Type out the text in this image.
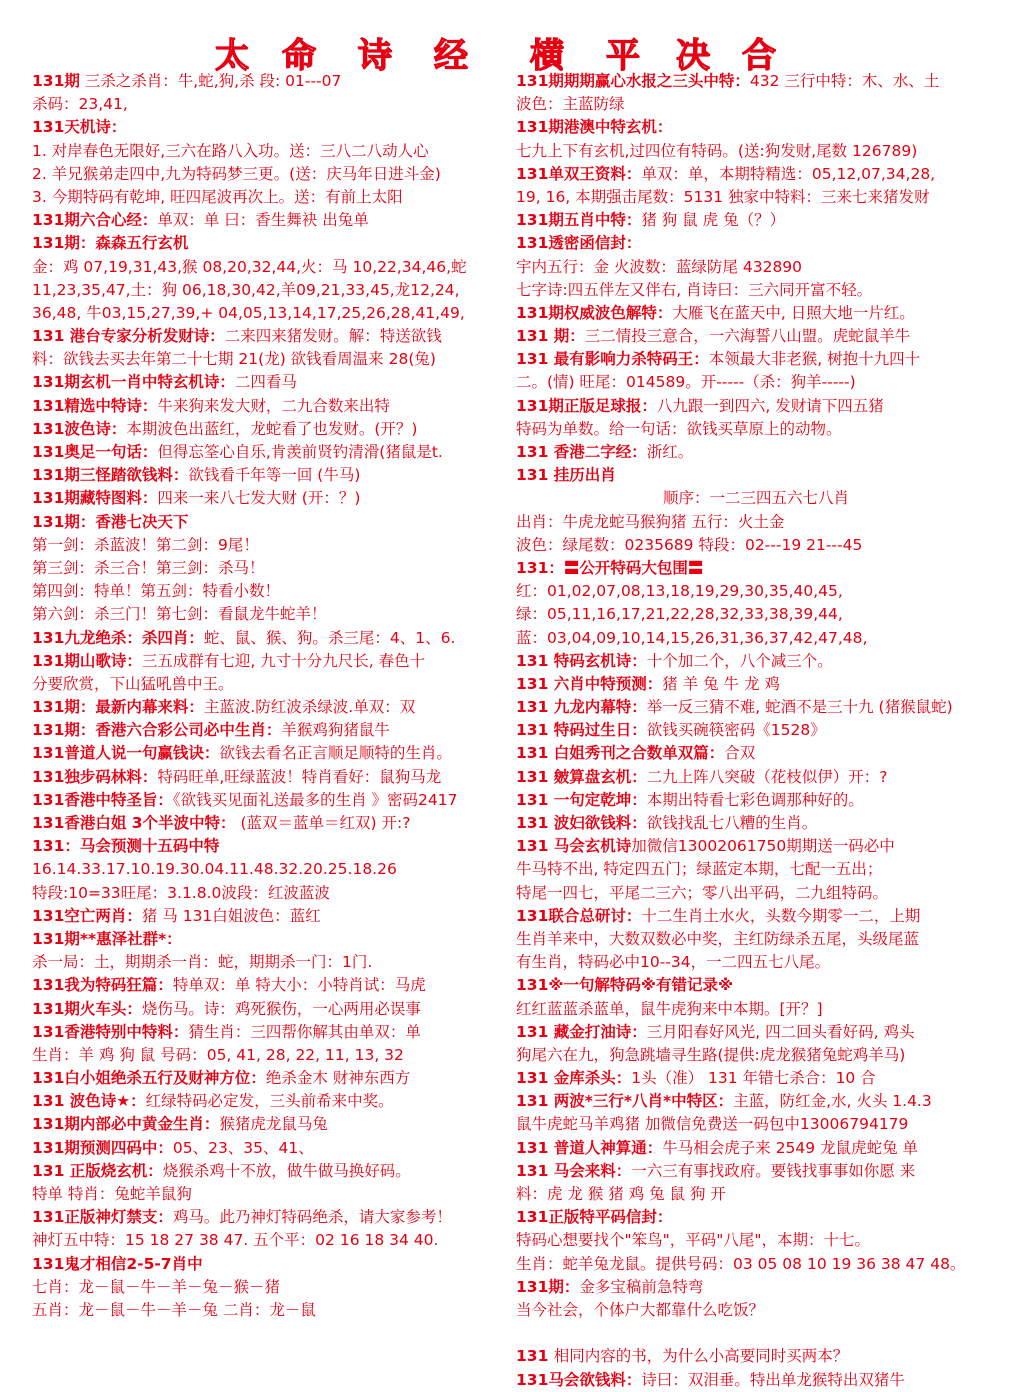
太 命 诗 经 横 平 决 合
131期 三杀之杀肖：牛,蛇,狗,杀 段: 01---07
杀码：23,41,
131天机诗：
1. 对岸春色无限好,三六在路八入功。送：三八二八动人心
2. 羊兄猴弟走四中,九为特码梦三更。(送：庆马年日进斗金)
3. 今期特码有乾坤, 旺四尾波再次上。送：有前上太阳
131期六合心经：单双：单 曰：香生舞袂 出兔单
131期：森森五行玄机
金：鸡 07,19,31,43,猴 08,20,32,44,火：马 10,22,34,46,蛇
11,23,35,47,土：狗 06,18,30,42,羊09,21,33,45,龙12,24,
36,48, 牛03,15,27,39,+ 04,05,13,14,17,25,26,28,41,49,
131 港台专家分析发财诗：二来四来猪发财。解：特送欲钱
料：欲钱去买去年第二十七期 21(龙) 欲钱看周温来 28(兔)
131期玄机一肖中特玄机诗：二四看马
131精选中特诗：牛来狗来发大财，二九合数来出特
131波色诗：本期波色出蓝红，龙蛇看了也发财。(开？)
131奥足一句话：但得忘筌心自乐,肯羡前贤钓清滑(猪鼠是t.
131期三怪踏欲钱料：欲钱看千年等一回 (牛马)
131期藏特图料：四来一来八七发大财 (开：？)
131期：香港七决天下
第一剑：杀蓝波！第二剑：9尾！
第三剑：杀三合！第三剑：杀马！
第四剑：特单！第五剑：特看小数！
第六剑：杀三门！第七剑：看鼠龙牛蛇羊！
131九龙绝杀：杀四肖：蛇、鼠、猴、狗。杀三尾：4、1、6.
131期山歌诗：三五成群有七迎, 九寸十分九尺长, 春色十
分要欣赏，下山猛吼兽中王。
131期：最新内幕来料：主蓝波.防红波杀绿波.单双：双
131期：香港六合彩公司必中生肖：羊猴鸡狗猪鼠牛
131普道人说一句赢钱诀：欲钱去看名正言顺足顺特的生肖。
131独步码林料：特码旺单,旺绿蓝波！特肖看好：鼠狗马龙
131香港中特圣旨：《欲钱买见面礼送最多的生肖 》密码2417
131香港白姐 3个半波中特： (蓝双＝蓝单＝红双) 开:?
131：马会预测十五码中特
16.14.33.17.10.19.30.04.11.48.32.20.25.18.26
特段:10=33旺尾：3.1.8.0波段：红波蓝波
131空亡两肖：猪 马 131白姐波色：蓝红
131期**惠泽社群*：
杀一局：土，期期杀一肖：蛇，期期杀一门：1门.
131我为特码狂篇：特单双：单 特大小：小特肖试：马虎
131期火车头：烧伤马。诗：鸡死猴伤，一心两用必误事
131香港特别中特料：猜生肖：三四帮你解其由单双：单
生肖：羊 鸡 狗 鼠 号码：05, 41, 28, 22, 11, 13, 32
131白小姐绝杀五行及财神方位：绝杀金木 财神东西方
131 波色诗★：红绿特码必定发，三头前希来中奖。
131期内部必中黄金生肖：猴猪虎龙鼠马兔
131期预测四码中：05、23、35、41、
131 正版烧玄机：烧猴杀鸡十不放，做牛做马换好码。
特单 特肖：兔蛇羊鼠狗
131正版神灯禁支：鸡马。此乃神灯特码绝杀，请大家参考！
神灯五中特：15 18 27 38 47. 五个平：02 16 18 34 40.
131鬼才相信2-5-7肖中
七肖：龙－鼠－牛－羊－兔－猴－猪
五肖：龙－鼠－牛－羊－兔 二肖：龙－鼠
131期期期赢心水报之三头中特：432 三行中特：木、水、土
波色：主蓝防绿
131期港澳中特玄机：
七九上下有玄机,过四位有特码。(送:狗发财,尾数 126789)
131单双王资料：单双：单，本期特精选：05,12,07,34,28,
19, 16, 本期强击尾数：5131 独家中特料：三来七来猪发财
131期五肖中特：猪 狗 鼠 虎 兔（？）
131透密函信封：
宇内五行：金 火波数：蓝绿防尾 432890
七字诗:四五伴左又伴右, 肖诗曰：三六同开富不轻。
131期权威波色解特：大雁飞在蓝天中, 日照大地一片红。
131 期：三二情投三意合，一六海誓八山盟。虎蛇鼠羊牛
131 最有影响力杀特码王：本领最大非老猴, 树抱十九四十
二。(情) 旺尾：014589。开-----（杀：狗羊-----)
131期正版足球报：八九跟一到四六, 发财请下四五猪
特码为单数。给一句话：欲钱买草原上的动物。
131 香港二字经：浙红。
131 挂历出肖
顺序：一二三四五六七八肖
出肖：牛虎龙蛇马猴狗猪 五行：火土金
波色：绿尾数：0235689 特段：02---19 21---45
131：〓公开特码大包围〓
红：01,02,07,08,13,18,19,29,30,35,40,45,
绿：05,11,16,17,21,22,28,32,33,38,39,44,
蓝：03,04,09,10,14,15,26,31,36,37,42,47,48,
131 特码玄机诗：十个加二个，八个减三个。
131 六肖中特预测：猪 羊 兔 牛 龙 鸡
131 九龙内幕特：举一反三猜不难, 蛇酒不是三十九 (猪猴鼠蛇)
131 特码过生日：欲钱买碗筷密码《1528》
131 白姐秀刊之合数单双篇：合双
131 皴算盘玄机：二九上阵八突破（花枝似伊）开：?
131 一句定乾坤：本期出特看七彩色调那种好的。
131 波妇欲钱料：欲钱找乱七八糟的生肖。
131 马会玄机诗加微信13002061750期期送一码必中
牛马特不出, 特定四五门；绿蓝定本期，七配一五出；
特尾一四七，平尾二三六；零八出平码，二九组特码。
131联合总研讨：十二生肖土水火，头数今期零一二，上期
生肖羊来中，大数双数必中奖，主红防绿杀五尾，头级尾蓝
有生肖，特码必中10--34，一二四五七八尾。
131※一句解特码※有错记录※
红红蓝蓝杀蓝单，鼠牛虎狗来中本期。[开？]
131 藏金打油诗：三月阳春好风光, 四二回头看好码, 鸡头
狗尾六在九，狗急跳墙寻生路(提供:虎龙猴猪兔蛇鸡羊马)
131 金库杀头：1头（准） 131 年错七杀合：10 合
131 两波*三行*八肖*中特区：主蓝，防红金,水, 火头 1.4.3
鼠牛虎蛇马羊鸡猪 加微信免费送一码包中13006794179
131 普道人神算通：牛马相会虎子来 2549 龙鼠虎蛇兔 单
131 马会来料：一六三有事找政府。要钱找事事如你愿 来
料：虎 龙 猴 猪 鸡 兔 鼠 狗 开
131正版特平码信封：
特码心想要找个"笨鸟"，平码"八尾"，本期：十七。
生肖：蛇羊兔龙鼠。提供号码：03 05 08 10 19 36 38 47 48。
131期：金多宝稿前急特弯
当今社会，个体户大都靠什么吃饭？
131 相同内容的书，为什么小高要同时买两本？
131马会欲钱料：诗曰：双泪垂。特出单龙猴特出双猪牛
